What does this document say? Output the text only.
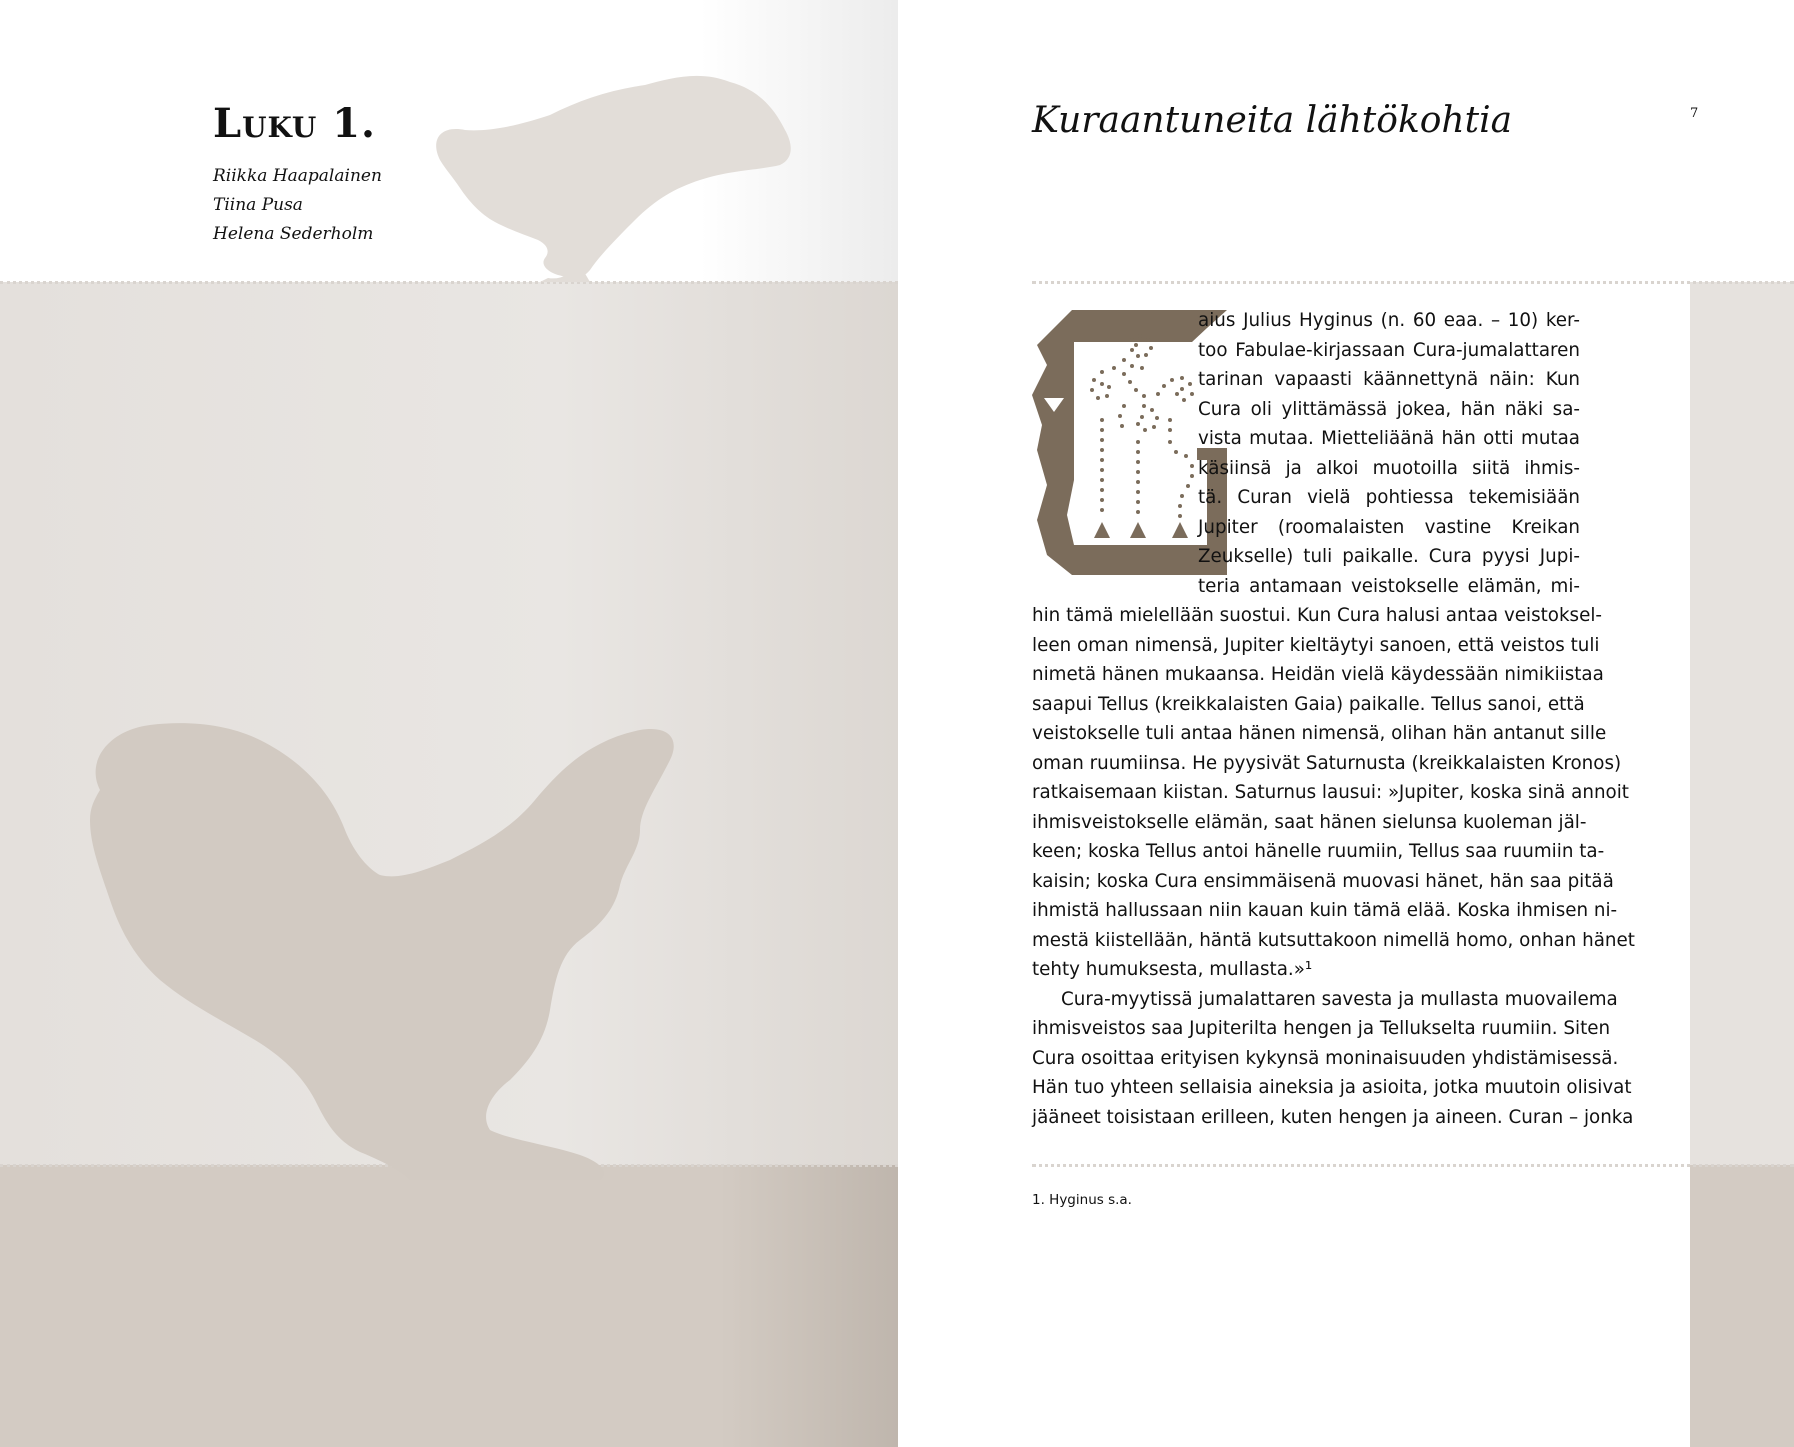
Luku 1.
Riikka Haapalainen
Tiina Pusa
Helena Sederholm
7
Kuraantuneita lähtökohtia
aius Julius Hyginus (n. 60 eaa. – 10) ker-
too Fabulae-kirjassaan Cura-jumalattaren
tarinan vapaasti käännettynä näin: Kun
Cura oli ylittämässä jokea, hän näki sa-
vista mutaa. Mietteliäänä hän otti mutaa
käsiinsä ja alkoi muotoilla siitä ihmis-
tä. Curan vielä pohtiessa tekemisiään
Jupiter (roomalaisten vastine Kreikan
Zeukselle) tuli paikalle. Cura pyysi Jupi-
teria antamaan veistokselle elämän, mi-
hin tämä mielellään suostui. Kun Cura halusi antaa veistoksel-
leen oman nimensä, Jupiter kieltäytyi sanoen, että veistos tuli
nimetä hänen mukaansa. Heidän vielä käydessään nimikiistaa
saapui Tellus (kreikkalaisten Gaia) paikalle. Tellus sanoi, että
veistokselle tuli antaa hänen nimensä, olihan hän antanut sille
oman ruumiinsa. He pyysivät Saturnusta (kreikkalaisten Kronos)
ratkaisemaan kiistan. Saturnus lausui: »Jupiter, koska sinä annoit
ihmisveistokselle elämän, saat hänen sielunsa kuoleman jäl-
keen; koska Tellus antoi hänelle ruumiin, Tellus saa ruumiin ta-
kaisin; koska Cura ensimmäisenä muovasi hänet, hän saa pitää
ihmistä hallussaan niin kauan kuin tämä elää. Koska ihmisen ni-
mestä kiistellään, häntä kutsuttakoon nimellä homo, onhan hänet
tehty humuksesta, mullasta.»¹
Cura-myytissä jumalattaren savesta ja mullasta muovailema
ihmisveistos saa Jupiterilta hengen ja Tellukselta ruumiin. Siten
Cura osoittaa erityisen kykynsä moninaisuuden yhdistämisessä.
Hän tuo yhteen sellaisia aineksia ja asioita, jotka muutoin olisivat
jääneet toisistaan erilleen, kuten hengen ja aineen. Curan – jonka
1. Hyginus s.a.
